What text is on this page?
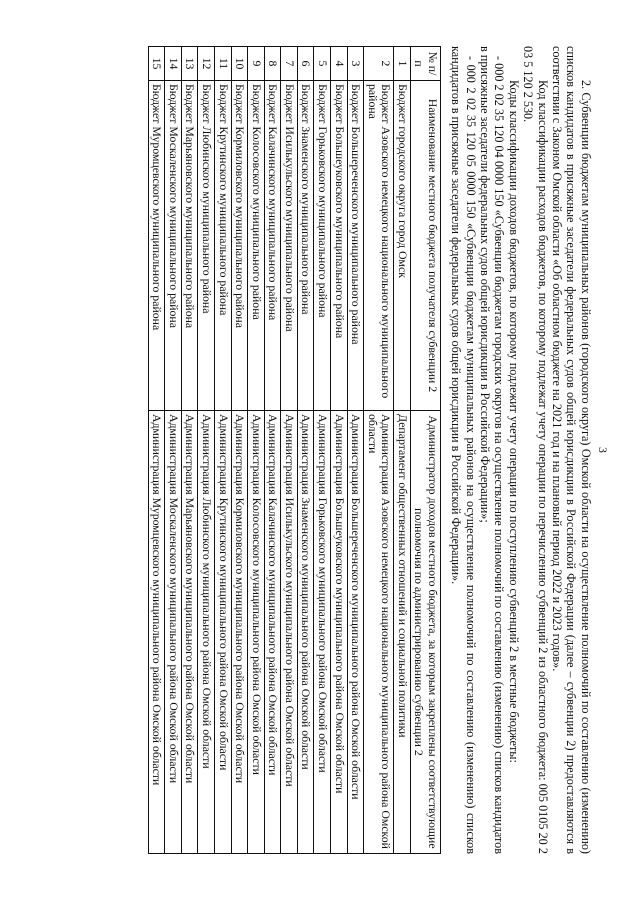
3

2. Субвенции бюджетам муниципальных районов (городского округа) Омской области на осуществление полномочий по составлению (изменению) списков кандидатов в присяжные заседатели федеральных судов общей юрисдикции в Российской Федерации (далее – субвенции 2) предоставляются в соответствии с Законом Омской области «Об областном бюджете на 2021 год и на плановый период 2022 и 2023 годов».

Код классификации расходов бюджетов, по которому подлежат учету операции по перечислению субвенций 2 из областного бюджета: 005 0105 20 2 03 5 120 2 530.

Коды классификации доходов бюджетов, по которому подлежит учету операции по поступлению субвенций 2 в местные бюджеты:

- 000 2 02 35 120 04 0000 150 «Субвенции бюджетам городских округов на осуществление полномочий по составлению (изменению) списков кандидатов в присяжные заседатели федеральных судов общей юрисдикции в Российской Федерации»;

- 000 2 02 35 120 05 0000 150 «Субвенции бюджетам муниципальных районов на осуществление полномочий по составлению (изменению) списков кандидатов в присяжные заседатели федеральных судов общей юрисдикции в Российской Федерации».

№ п/п	Наименование местного бюджета получателя субвенции 2	Администратор доходов местного бюджета, за которым закреплены соответствующие полномочия по администрированию субвенции 2
1	Бюджет городского округа город Омск	Департамент общественных отношений и социальной политики
2	Бюджет Азовского немецкого национального муниципального района	Администрация Азовского немецкого национального муниципального района Омской области
3	Бюджет Большереченского муниципального района	Администрация Большереченского муниципального района Омской области
4	Бюджет Большеуковского муниципального района	Администрация Большеуковского муниципального района Омской области
5	Бюджет Горьковского муниципального района	Администрация Горьковского муниципального района Омской области
6	Бюджет Знаменского муниципального района	Администрация Знаменского муниципального района Омской области
7	Бюджет Исилькульского муниципального района	Администрация Исилькульского муниципального района Омской области
8	Бюджет Калачинского муниципального района	Администрация Калачинского муниципального района Омской области
9	Бюджет Колосовского муниципального района	Администрация Колосовского муниципального района Омской области
10	Бюджет Кормиловского муниципального района	Администрация Кормиловского муниципального района Омской области
11	Бюджет Крутинского муниципального района	Администрация Крутинского муниципального района Омской области
12	Бюджет Любинского муниципального района	Администрация Любинского муниципального района Омской области
13	Бюджет Марьяновского муниципального района	Администрация Марьяновского муниципального района Омской области
14	Бюджет Москаленского муниципального района	Администрация Москаленского муниципального района Омской области
15	Бюджет Муромцевского муниципального района	Администрация Муромцевского муниципального района Омской области
